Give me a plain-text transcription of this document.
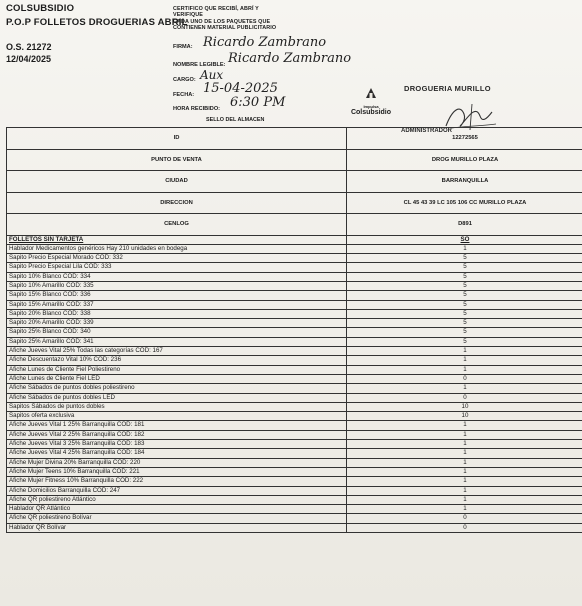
COLSUBSIDIO
P.O.P FOLLETOS DROGUERIAS ABRIL
O.S. 21272
12/04/2025
CERTIFICO QUE RECIBÍ, ABRÍ Y
VERIFIQUE
CADA UNO DE LOS PAQUETES QUE
CONTIENEN MATERIAL PUBLICITARIO
FIRMA: Ricardo Zambrano
NOMBRE LEGIBLE: Ricardo Zambrano
CARGO: Aux
FECHA: 15-04-2025
HORA RECIBIDO: 6:30 PM
SELLO DEL ALMACEN
Impulsa
Colsubsidio
DROGUERIA MURILLO
ADMINISTRADOR
ID	12272565
PUNTO DE VENTA	DROG MURILLO PLAZA
CIUDAD	BARRANQUILLA
DIRECCION	CL 45 43 39 LC 105 106 CC MURILLO PLAZA
CENLOG	D891
FOLLETOS SIN TARJETA	SO
Hablador Medicamentos genéricos Hay 210 unidades en bodega	1
Sapito Precio Especial Morado COD: 332	5
Sapito Precio Especial Lila COD: 333	5
Sapito 10% Blanco COD: 334	5
Sapito 10% Amarillo COD: 335	5
Sapito 15% Blanco COD: 336	5
Sapito 15% Amarillo COD: 337	5
Sapito 20% Blanco COD: 338	5
Sapito 20% Amarillo COD: 339	5
Sapito 25% Blanco COD: 340	5
Sapito 25% Amarillo COD: 341	5
Afiche Jueves Vital 25% Todas las categorías COD: 167	1
Afiche Descuentazo Vital 10% COD: 236	1
Afiche Lunes de Cliente Fiel Poliestireno	1
Afiche Lunes de Cliente Fiel LED	0
Afiche Sábados de puntos dobles poliestireno	1
Afiche Sábados de puntos dobles LED	0
Sapitos Sábados de puntos dobles	10
Sapitos oferta exclusiva	10
Afiche Jueves Vital 1 25% Barranquilla COD: 181	1
Afiche Jueves Vital 2 25% Barranquilla COD: 182	1
Afiche Jueves Vital 3 25% Barranquilla COD: 183	1
Afiche Jueves Vital 4 25% Barranquilla COD: 184	1
Afiche Mujer Divina 20% Barranquilla COD: 220	1
Afiche Mujer Teens 10% Barranquilla COD: 221	1
Afiche Mujer Fitness 10% Barranquilla COD: 222	1
Afiche Domicilios Barranquilla COD: 247	1
Afiche QR poliestireno Atlántico	1
Hablador QR Atlántico	1
Afiche QR poliestireno Bolívar	0
Hablador QR Bolívar	0
